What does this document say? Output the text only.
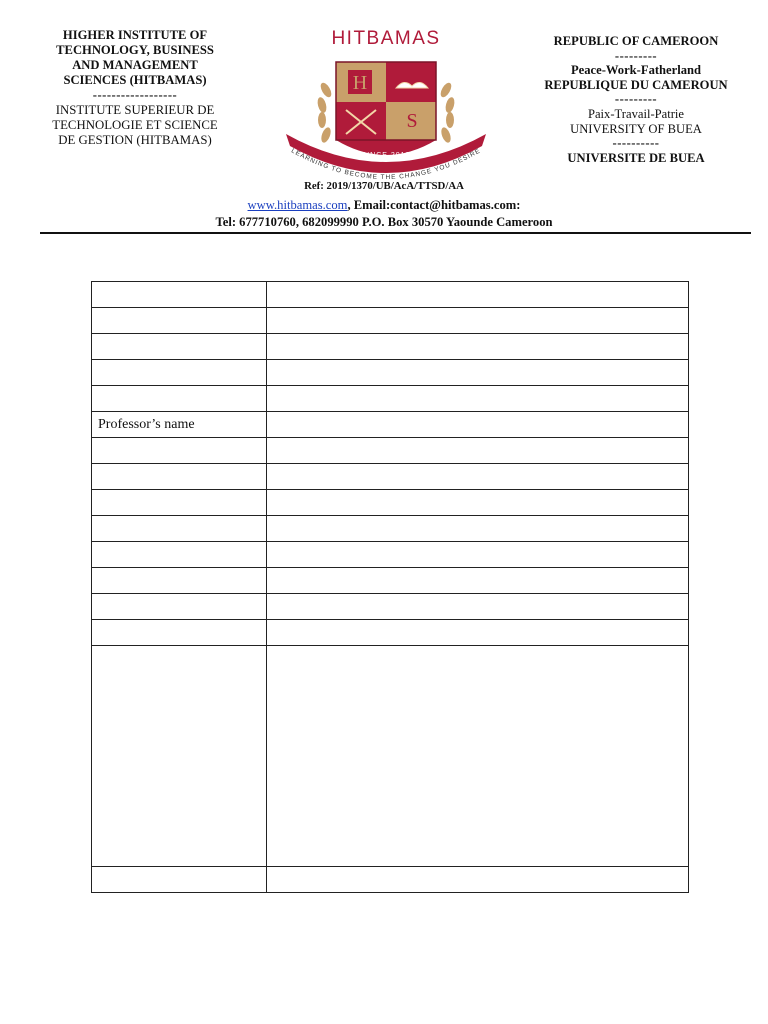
HIGHER INSTITUTE OF
TECHNOLOGY, BUSINESS
AND MANAGEMENT
SCIENCES (HITBAMAS)
------------------
INSTITUTE SUPERIEUR DE
TECHNOLOGIE ET SCIENCE
DE GESTION (HITBAMAS)
HITBAMAS
H
S
SINCE 2019
LEARNING TO BECOME THE CHANGE YOU DESIRE
REPUBLIC OF CAMEROON
---------
Peace-Work-Fatherland
REPUBLIQUE DU CAMEROUN
---------
Paix-Travail-Patrie
UNIVERSITY OF BUEA
----------
UNIVERSITE DE BUEA
Ref: 2019/1370/UB/AcA/TTSD/AA
www.hitbamas.com, Email:contact@hitbamas.com:
Tel: 677710760, 682099990 P.O. Box 30570 Yaounde Cameroon

Professor’s name	
